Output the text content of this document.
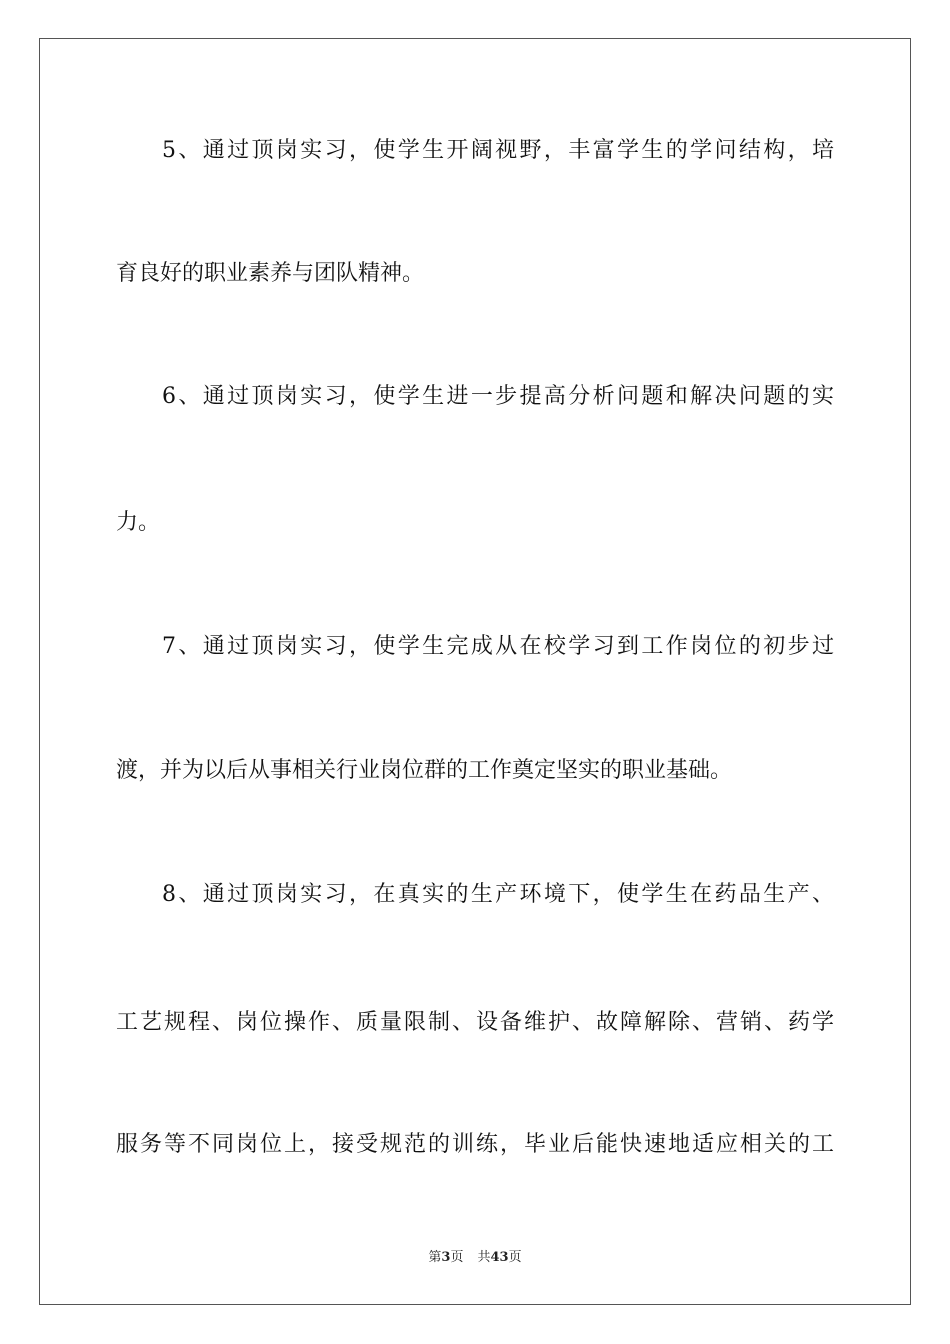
5、通过顶岗实习，使学生开阔视野，丰富学生的学问结构，培
育良好的职业素养与团队精神。
6、通过顶岗实习，使学生进一步提高分析问题和解决问题的实
力。
7、通过顶岗实习，使学生完成从在校学习到工作岗位的初步过
渡，并为以后从事相关行业岗位群的工作奠定坚实的职业基础。
8、通过顶岗实习，在真实的生产环境下，使学生在药品生产、
工艺规程、岗位操作、质量限制、设备维护、故障解除、营销、药学
服务等不同岗位上，接受规范的训练，毕业后能快速地适应相关的工
第3页 共43页
